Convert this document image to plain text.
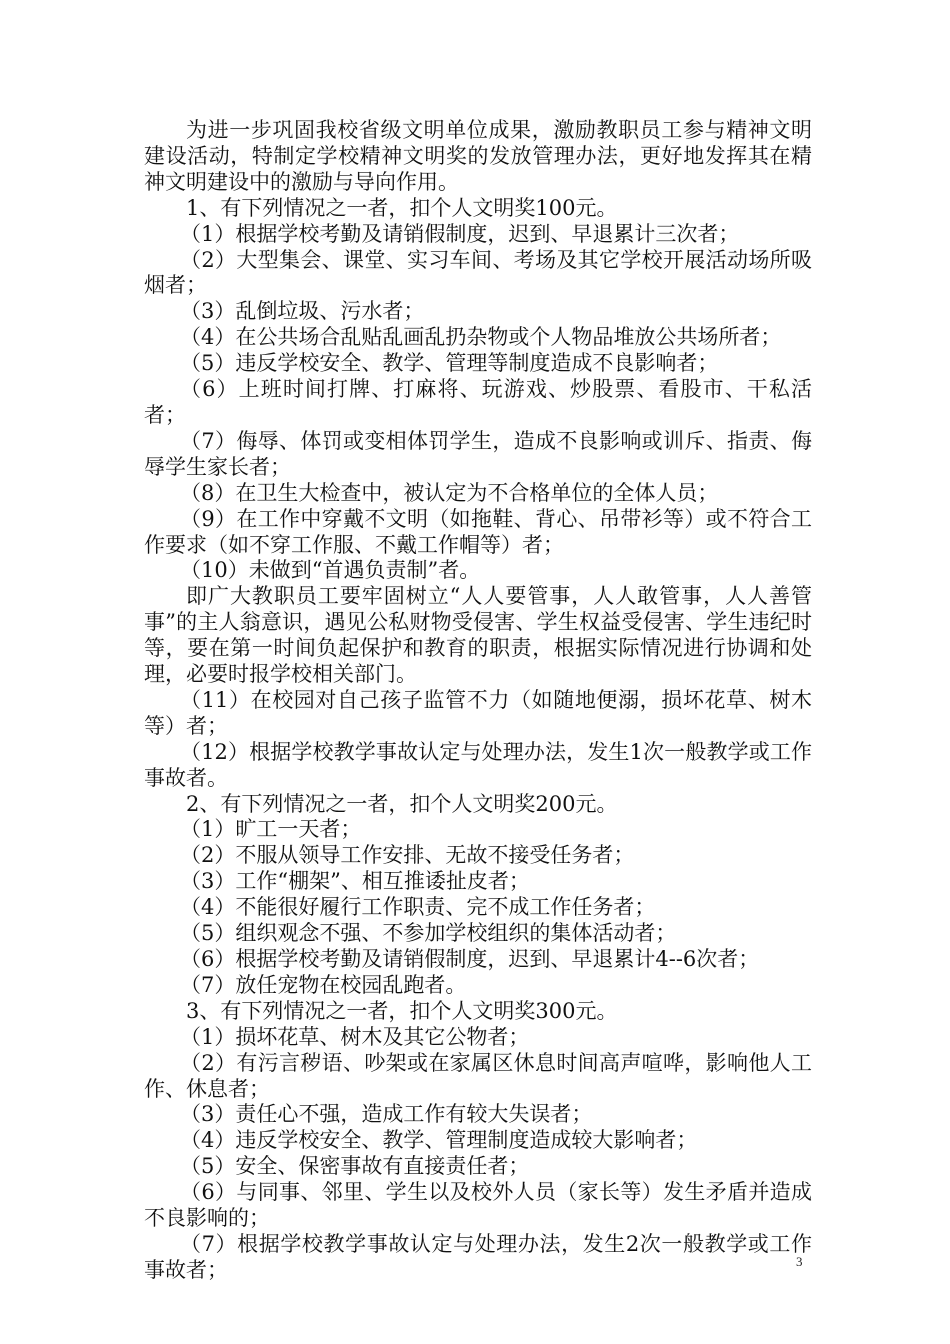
为进一步巩固我校省级文明单位成果，激励教职员工参与精神文明建设活动，特制定学校精神文明奖的发放管理办法，更好地发挥其在精神文明建设中的激励与导向作用。

1、有下列情况之一者，扣个人文明奖100元。

（1）根据学校考勤及请销假制度，迟到、早退累计三次者；

（2）大型集会、课堂、实习车间、考场及其它学校开展活动场所吸烟者；

（3）乱倒垃圾、污水者；

（4）在公共场合乱贴乱画乱扔杂物或个人物品堆放公共场所者；

（5）违反学校安全、教学、管理等制度造成不良影响者；

（6）上班时间打牌、打麻将、玩游戏、炒股票、看股市、干私活者；

（7）侮辱、体罚或变相体罚学生，造成不良影响或训斥、指责、侮辱学生家长者；

（8）在卫生大检查中，被认定为不合格单位的全体人员；

（9）在工作中穿戴不文明（如拖鞋、背心、吊带衫等）或不符合工作要求（如不穿工作服、不戴工作帽等）者；

（10）未做到“首遇负责制”者。

即广大教职员工要牢固树立“人人要管事，人人敢管事，人人善管事”的主人翁意识，遇见公私财物受侵害、学生权益受侵害、学生违纪时等，要在第一时间负起保护和教育的职责，根据实际情况进行协调和处理，必要时报学校相关部门。

（11）在校园对自己孩子监管不力（如随地便溺，损坏花草、树木等）者；

（12）根据学校教学事故认定与处理办法，发生1次一般教学或工作事故者。

2、有下列情况之一者，扣个人文明奖200元。

（1）旷工一天者；

（2）不服从领导工作安排、无故不接受任务者；

（3）工作“棚架”、相互推诿扯皮者；

（4）不能很好履行工作职责、完不成工作任务者；

（5）组织观念不强、不参加学校组织的集体活动者；

（6）根据学校考勤及请销假制度，迟到、早退累计4--6次者；

（7）放任宠物在校园乱跑者。

3、有下列情况之一者，扣个人文明奖300元。

（1）损坏花草、树木及其它公物者；

（2）有污言秽语、吵架或在家属区休息时间高声喧哗，影响他人工作、休息者；

（3）责任心不强，造成工作有较大失误者；

（4）违反学校安全、教学、管理制度造成较大影响者；

（5）安全、保密事故有直接责任者；

（6）与同事、邻里、学生以及校外人员（家长等）发生矛盾并造成不良影响的；

（7）根据学校教学事故认定与处理办法，发生2次一般教学或工作事故者；	3
